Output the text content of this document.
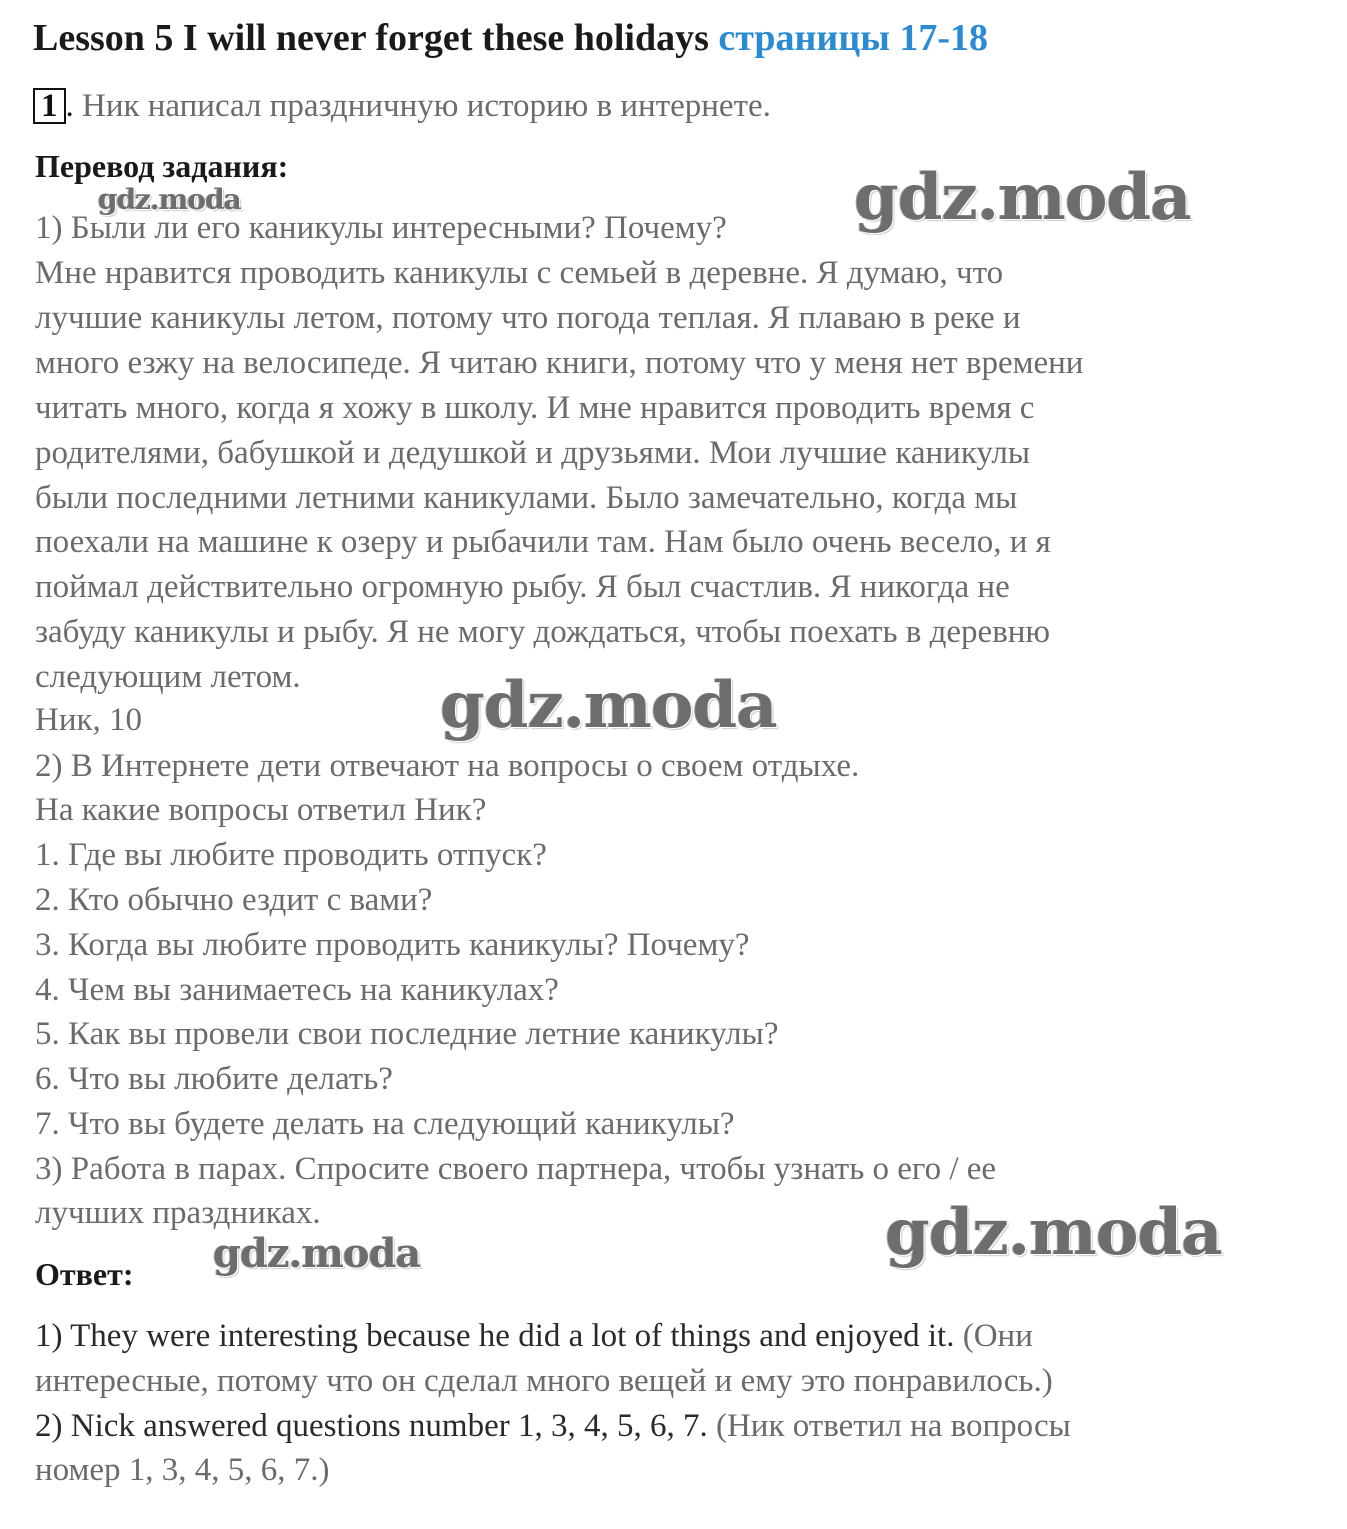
Lesson 5 I will never forget these holidays страницы 17-18
1 . Ник написал праздничную историю в интернете.
Перевод задания:
1) Были ли его каникулы интересными? Почему?
Мне нравится проводить каникулы с семьей в деревне. Я думаю, что
лучшие каникулы летом, потому что погода теплая. Я плаваю в реке и
много езжу на велосипеде. Я читаю книги, потому что у меня нет времени
читать много, когда я хожу в школу. И мне нравится проводить время с
родителями, бабушкой и дедушкой и друзьями. Мои лучшие каникулы
были последними летними каникулами. Было замечательно, когда мы
поехали на машине к озеру и рыбачили там. Нам было очень весело, и я
поймал действительно огромную рыбу. Я был счастлив. Я никогда не
забуду каникулы и рыбу. Я не могу дождаться, чтобы поехать в деревню
следующим летом.
Ник, 10
2) В Интернете дети отвечают на вопросы о своем отдыхе.
На какие вопросы ответил Ник?
1. Где вы любите проводить отпуск?
2. Кто обычно ездит с вами?
3. Когда вы любите проводить каникулы? Почему?
4. Чем вы занимаетесь на каникулах?
5. Как вы провели свои последние летние каникулы?
6. Что вы любите делать?
7. Что вы будете делать на следующий каникулы?
3) Работа в парах. Спросите своего партнера, чтобы узнать о его / ее
лучших праздниках.
Ответ:
1) They were interesting because he did a lot of things and enjoyed it. (Они
интересные, потому что он сделал много вещей и ему это понравилось.)
2) Nick answered questions number 1, 3, 4, 5, 6, 7. (Ник ответил на вопросы
номер 1, 3, 4, 5, 6, 7.)
gdz.moda	gdz.moda
gdz.moda
gdz.moda
gdz.moda
